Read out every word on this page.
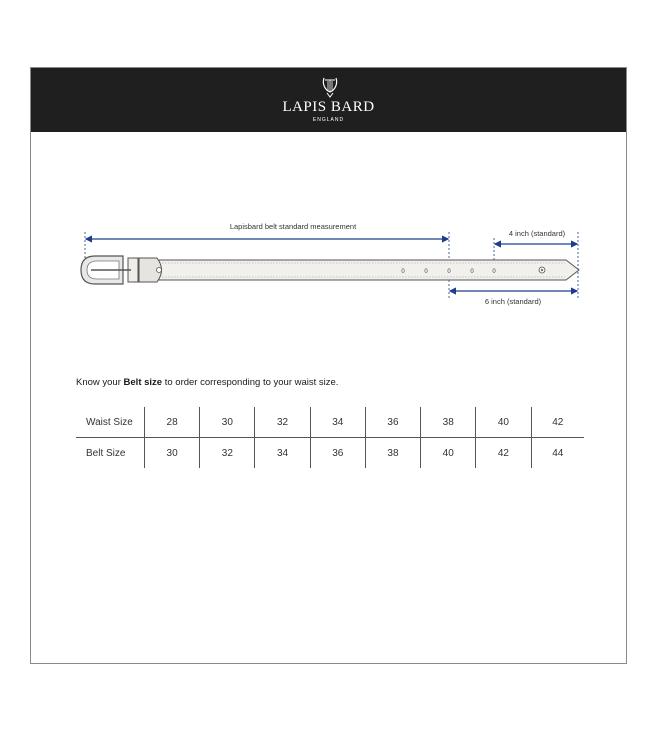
LAPIS BARD
ENGLAND
Lapisbard belt standard measurement
4 inch (standard)
6 inch (standard)
0	0	0	0	0
Know your Belt size to order corresponding to your waist size.
Waist Size	28	30	32	34	36	38	40	42
Belt Size	30	32	34	36	38	40	42	44
